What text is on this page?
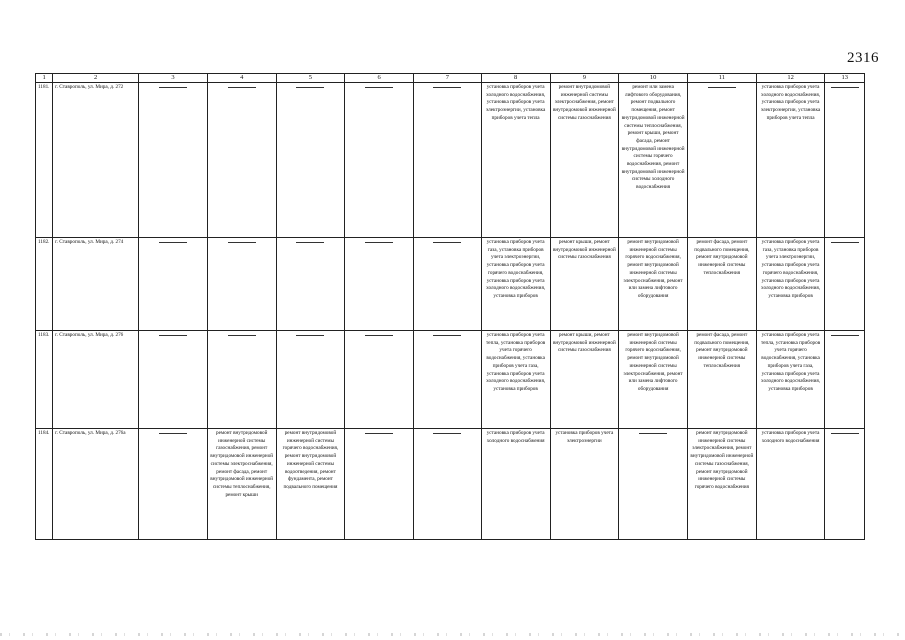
2316
1	2	3	4	5	6	7	8	9	10	11	12	13
1181.	г. Ставрополь, ул. Мира, д. 272						установка приборов учета холодного водоснабжения, установка приборов учета электроэнергии, установка приборов учета тепла	ремонт внутридомовой инженерной системы электроснабжения, ремонт внутридомовой инженерной системы газоснабжения	ремонт или замена лифтового оборудования, ремонт подвального помещения, ремонт внутридомовой инженерной системы теплоснабжения, ремонт крыши, ремонт фасада, ремонт внутридомовой инженерной системы горячего водоснабжения, ремонт внутридомовой инженерной системы холодного водоснабжения		установка приборов учета холодного водоснабжения, установка приборов учета электроэнергии, установка приборов учета тепла	

1182.	г. Ставрополь, ул. Мира, д. 274						установка приборов учета газа, установка приборов учета электроэнергии, установка приборов учета горячего водоснабжения, установка приборов учета холодного водоснабжения, установка приборов	ремонт крыши, ремонт внутридомовой инженерной системы газоснабжения	ремонт внутридомовой инженерной системы горячего водоснабжения, ремонт внутридомовой инженерной системы электроснабжения, ремонт или замена лифтового оборудования	ремонт фасада, ремонт подвального помещения, ремонт внутридомовой инженерной системы теплоснабжения	установка приборов учета газа, установка приборов учета электроэнергии, установка приборов учета горячего водоснабжения, установка приборов учета холодного водоснабжения, установка приборов	

1183.	г. Ставрополь, ул. Мира, д. 276						установка приборов учета тепла, установка приборов учета горячего водоснабжения, установка приборов учета газа, установка приборов учета холодного водоснабжения, установка приборов	ремонт крыши, ремонт внутридомовой инженерной системы газоснабжения	ремонт внутридомовой инженерной системы горячего водоснабжения, ремонт внутридомовой инженерной системы электроснабжения, ремонт или замена лифтового оборудования	ремонт фасада, ремонт подвального помещения, ремонт внутридомовой инженерной системы теплоснабжения	установка приборов учета тепла, установка приборов учета горячего водоснабжения, установка приборов учета газа, установка приборов учета холодного водоснабжения, установка приборов	

1184.	г. Ставрополь, ул. Мира, д. 276а		ремонт внутридомовой инженерной системы газоснабжения, ремонт внутридомовой инженерной системы электроснабжения, ремонт фасада, ремонт внутридомовой инженерной системы теплоснабжения, ремонт крыши	ремонт внутридомовой инженерной системы горячего водоснабжения, ремонт внутридомовой инженерной системы водоотведения, ремонт фундамента, ремонт подвального помещения			установка приборов учета холодного водоснабжения	установка приборов учета электроэнергии		ремонт внутридомовой инженерной системы электроснабжения, ремонт внутридомовой инженерной системы газоснабжения, ремонт внутридомовой инженерной системы горячего водоснабжения	установка приборов учета холодного водоснабжения	
